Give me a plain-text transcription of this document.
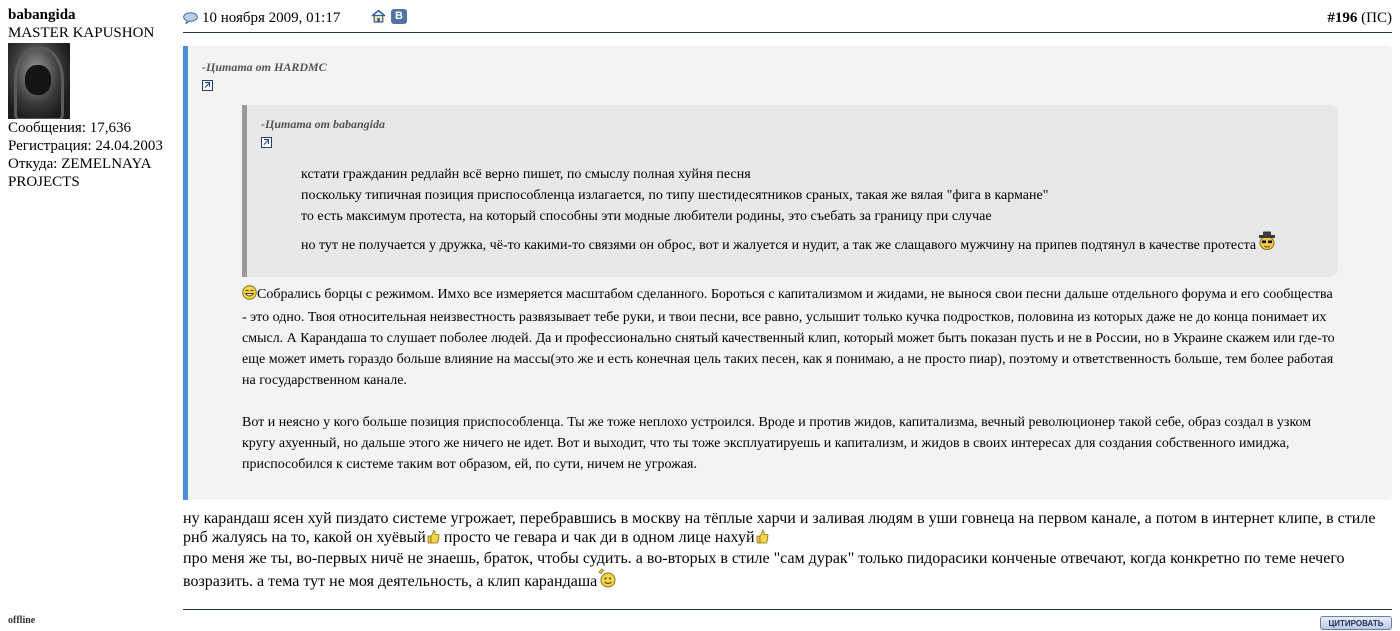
babangida
MASTER KAPUSHON
Сообщения: 17,636
Регистрация: 24.04.2003
Откуда: ZEMELNAYA PROJECTS
10 ноября 2009, 01:17	B	#196 (ПС)
-Цитата от HARDMC
-Цитата от babangida
кстати гражданин редлайн всё верно пишет, по смыслу полная хуйня песня
поскольку типичная позиция приспособленца излагается, по типу шестидесятников сраных, такая же вялая "фига в кармане"
то есть максимум протеста, на который способны эти модные любители родины, это съебать за границу при случае
но тут не получается у дружка, чё-то какими-то связями он оброс, вот и жалуется и нудит, а так же слащавого мужчину на припев подтянул в качестве протеста

Собрались борцы с режимом. Имхо все измеряется масштабом сделанного. Бороться с капитализмом и жидами, не вынося свои песни дальше отдельного форума и его сообщества - это одно. Твоя относительная неизвестность развязывает тебе руки, и твои песни, все равно, услышит только кучка подростков, половина из которых даже не до конца понимает их смысл. А Карандаша то слушает поболее людей. Да и профессионально снятый качественный клип, который может быть показан пусть и не в России, но в Украине скажем или где-то еще может иметь гораздо больше влияние на массы(это же и есть конечная цель таких песен, как я понимаю, а не просто пиар), поэтому и ответственность больше, тем более работая на государственном канале.

Вот и неясно у кого больше позиция приспособленца. Ты же тоже неплохо устроился. Вроде и против жидов, капитализма, вечный революционер такой себе, образ создал в узком кругу ахуенный, но дальше этого же ничего не идет. Вот и выходит, что ты тоже эксплуатируешь и капитализм, и жидов в своих интересах для создания собственного имиджа, приспособился к системе таким вот образом, ей, по сути, ничем не угрожая.

ну карандаш ясен хуй пиздато системе угрожает, перебравшись в москву на тёплые харчи и заливая людям в уши говнеца на первом канале, а потом в интернет клипе, в стиле рнб жалуясь на то, какой он хуёвый просто че гевара и чак ди в одном лице нахуй

про меня же ты, во-первых ничё не знаешь, браток, чтобы судить. а во-вторых в стиле "сам дурак" только пидорасики конченые отвечают, когда конкретно по теме нечего возразить. а тема тут не моя деятельность, а клип карандаша

offline	ЦИТИРОВАТЬ
